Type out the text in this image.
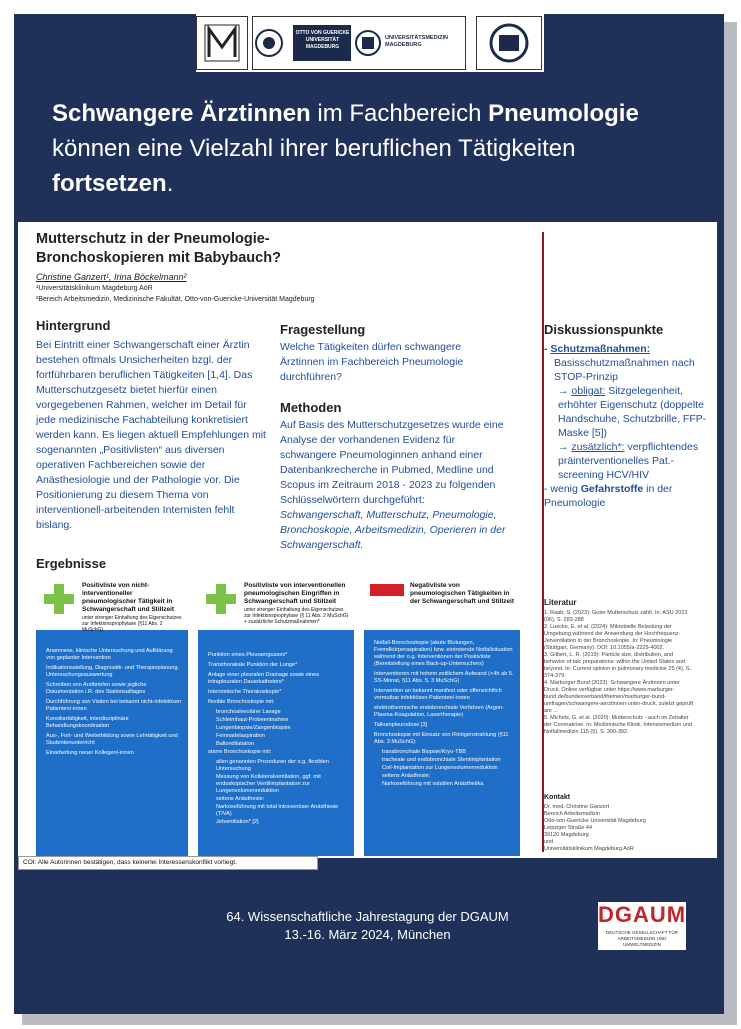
OTTO VON GUERICKE UNIVERSITÄT MAGDEBURG
UNIVERSITÄTSMEDIZIN MAGDEBURG
Schwangere Ärztinnen im Fachbereich Pneumologie
können eine Vielzahl ihrer beruflichen Tätigkeiten
fortsetzen.
Mutterschutz in der Pneumologie- Bronchoskopieren mit Babybauch?
Christine Ganzert¹, Irina Böckelmann²
¹Universitätsklinikum Magdeburg AöR
²Bereich Arbeitsmedizin, Medizinische Fakultät, Otto-von-Guericke-Universität Magdeburg
Hintergrund
Bei Eintritt einer Schwangerschaft einer Ärztin bestehen oftmals Unsicherheiten bzgl. der fortführbaren beruflichen Tätigkeiten [1,4]. Das Mutterschutzgesetz bietet hierfür einen vorgegebenen Rahmen, welcher im Detail für jede medizinische Fachabteilung konkretisiert werden kann. Es liegen aktuell Empfehlungen mit sogenannten „Positivlisten“ aus diversen operativen Fachbereichen sowie der Anästhesiologie und der Pathologie vor. Die Positionierung zu diesem Thema von interventionell-arbeitenden Internisten fehlt bislang.
Fragestellung
Welche Tätigkeiten dürfen schwangere Ärztinnen im Fachbereich Pneumologie durchführen?
Methoden
Auf Basis des Mutterschutzgesetzes wurde eine Analyse der vorhandenen Evidenz für schwangere Pneumologinnen anhand einer Datenbankrecherche in Pubmed, Medline und Scopus im Zeitraum 2018 - 2023 zu folgenden Schlüsselwörtern durchgeführt: Schwangerschaft, Mutterschutz, Pneumologie, Bronchoskopie, Arbeitsmedizin, Operieren in der Schwangerschaft.
Diskussionspunkte
- Schutzmaßnahmen:
Basisschutzmaßnahmen nach STOP-Prinzip
→ obligat: Sitzgelegenheit, erhöhter Eigenschutz (doppelte Handschuhe, Schutzbrille, FFP-Maske [5])
→ zusätzlich*: verpflichtendes präinterventionelles Pat.-screening HCV/HIV
- wenig Gefahrstoffe in der Pneumologie
Literatur
1. Raab, S. (2023): Guter Mutterschutz zählt. In: ASU 2023 (06), S. 283-288
2. Luecke, E. et al. (2024): Mikrobielle Belastung der Umgebung während der Anwendung der Hochfrequenz-Jetventilation in der Bronchoskopie. In: Pneumologie (Stuttgart, Germany). DOI: 10.1055/a-2229-4002.
3. Gilbert, L. R. (2019): Particle size, distribution, and behavior of talc preparations: within the United States and beyond. In: Current opinion in pulmonary medicine 25 (4), S. 374-379.
4. Marburger Bund (2023): Schwangere Ärztinnen unter Druck. Online verfügbar unter https://www.marburger-bund.de/bundesverband/themen/marburger-bund-umfragen/schwangere-aerztinnen-unter-druck, zuletzt geprüft am ...
5. Michels, G. et al. (2020): Mutterschutz - auch im Zeitalter der Coronakrise. In: Medizinische Klinik, Intensivmedizin und Notfallmedizin 115 (5), S. 390-392.
Kontakt
Dr. med. Christine Ganzert
Bereich Arbeitsmedizin
Otto-von-Guericke Universität Magdeburg
Leipziger Straße 44
39120 Magdeburg
und
Universitätsklinikum Magdeburg AöR
Ergebnisse
Positivliste von nicht-interventioneller pneumologischer Tätigkeit in Schwangerschaft und Stillzeit
unter strenger Einhaltung des Eigenschutzes zur Infektionsprophylaxe (§11 Abs. 2 MuSchG)
Anamnese, klinische Untersuchung und Aufklärung von geplanter Intervention
Indikationsstellung, Diagnostik- und Therapieplanung, Untersuchungsauswertung
Schreiben von Arztbriefen sowie jegliche Dokumentation i.R. des Stationsalltages
Durchführung von Visiten bei bekannt nicht-infektiösen Patienten/-innen
Konsiliartätigkeit, interdisziplinäre Behandlungskoordination
Aus-, Fort- und Weiterbildung sowie Lehrtätigkeit und Studentenunterricht
Einarbeitung neuer Kollegen/-innen
Positivliste von interventionellen pneumologischen Eingriffen in Schwangerschaft und Stillzeit
unter strenger Einhaltung des Eigenschutzes zur Infektionsprophylaxe (§ 11 Abs. 2 MuSchG) + zusätzliche Schutzmaßnahmen*
Punktion eines Pleuraergusses*
Transthorakale Punktion der Lunge*
Anlage einer pleuralen Drainage sowie eines intrapleuralen Dauerkatheters*
Internistische Thorakoskopie*
flexible Bronchoskopie mit:
bronchoalveolärer Lavage
Schleimhaut-Probeentnahme
Lungenbiopsie/Zangenbiopsie
Feinnadelaspiration
Ballondilatation
starre Bronchoskopie mit:
allen genannten Prozeduren der o.g. flexiblen Untersuchung
Messung von Kollateralventilation, ggf. mit endoskopischer Ventilimplantation zur Lungenvolumenreduktion
seitens Anästhesie:
Narkoseführung mit total intravenöser Anästhesie (TIVA)
Jetventilation* [2]
Negativliste von pneumologischen Tätigkeiten in der Schwangerschaft und Stillzeit
Notfall-Bronchoskopie (akute Blutungen, Fremdkörperaspiration) bzw. eintretende Notfallsituation während der o.g. Interventionen der Positivliste (Bereitstellung eines Back-up-Untersuchers)
Interventionen mit hohem zeitlichem Aufwand (<4h ab 5. SS-Monat, §11 Abs. 5, 3 MuSchG)
Intervention an bekannt manifest oder offensichtlich vermutbar infektiösen Patienten/-innen
elektrothermische endobronchiale Verfahren (Argon-Plasma-Koagulation, Lasertherapie)
Talkumpleurodese [3]
Bronchoskopie mit Einsatz von Röntgenstrahlung (§11 Abs. 3 MuSchG):
transbronchiale Biopsie/Kryo-TBB
tracheale und endobronchiale Stentimplantation
Coil-Implantation zur Lungenvolumenreduktion
seitens Anästhesie:
Narkoseführung mit volatilen Anästhetika
COI: Alle Autorinnen bestätigen, dass keinerlei Interessenskonflikt vorliegt.
64. Wissenschaftliche Jahrestagung der DGAUM
13.-16. März 2024, München
DGAUM
DEUTSCHE GESELLSCHAFT FÜR ARBEITSMEDIZIN UND UMWELTMEDIZIN
